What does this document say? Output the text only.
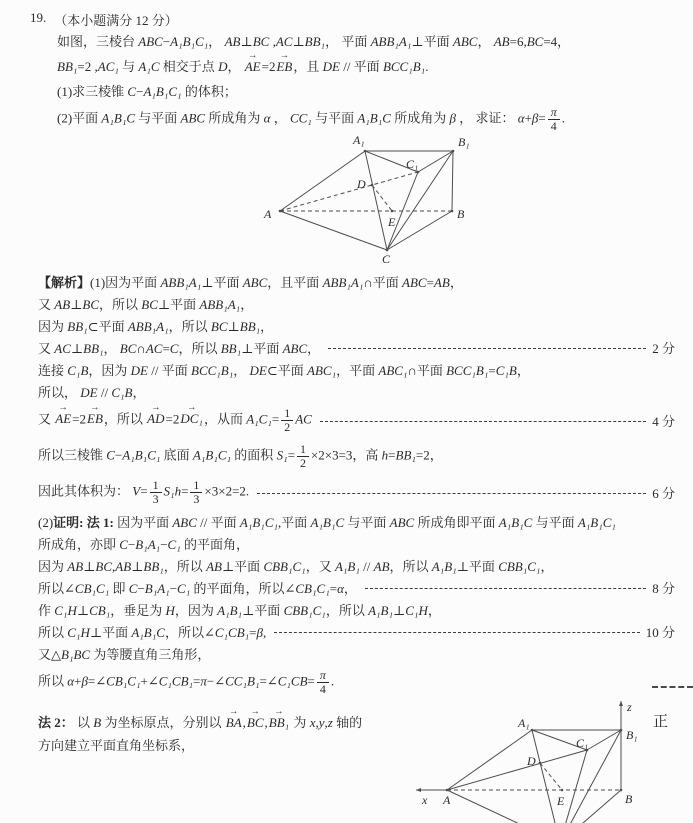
19. （本小题满分 12 分）
如图，三棱台 ABC−A₁B₁C₁， AB⊥BC ,AC⊥BB₁， 平面 ABB₁A₁⊥平面 ABC， AB=6,BC=4，
BB₁=2 ,AC₁ 与 A₁C 相交于点 D， → AE=2→ EB，且 DE // 平面 BCC₁B₁.
(1)求三棱锥 C−A₁B₁C₁ 的体积；
(2)平面 A₁B₁C 与平面 ABC 所成角为 α ， CC₁ 与平面 A₁B₁C 所成角为 β ， 求证： $\alpha+\beta= \frac{\pi}{4}$ .
A₁	B₁
C₁
D
A	B
E
C
【解析】(1)因为平面 ABB₁A₁⊥平面 ABC，且平面 ABB₁A₁∩平面 ABC=AB，
又 AB⊥BC，所以 BC⊥平面 ABB₁A₁，
因为 BB₁⊂平面 ABB₁A₁，所以 BC⊥BB₁，
又 AC⊥BB₁， BC∩AC=C，所以 BB₁⊥平面 ABC，	2 分
连接 C₁B，因为 DE // 平面 BCC₁B₁， DE⊂平面 ABC₁，平面 ABC₁∩平面 BCC₁B₁=C₁B，
所以， DE // C₁B，
又 → AE=2→ EB，所以 → AD=2→ DC₁，从而 $A_1C_1= \frac{1}{2}$ AC	4 分
所以三棱锥 C−A₁B₁C₁ 底面 A₁B₁C₁ 的面积 $S_1= \frac{1}{2} \times 2\times 3=3$，高 h=BB₁=2，
因此其体积为： $V= \frac{1}{3} S_1h= \frac{1}{3} \times 3\times 2=2$.	6 分
(2)证明: 法 1: 因为平面 ABC // 平面 A₁B₁C₁,平面 A₁B₁C 与平面 ABC 所成角即平面 A₁B₁C 与平面 A₁B₁C₁
所成角，亦即 C−B₁A₁−C₁ 的平面角，
因为 AB⊥BC,AB⊥BB₁，所以 AB⊥平面 CBB₁C₁，又 A₁B₁ // AB，所以 A₁B₁⊥平面 CBB₁C₁，
所以∠CB₁C₁ 即 C−B₁A₁−C₁ 的平面角，所以∠CB₁C₁=α，	8 分
作 C₁H⊥CB₁，垂足为 H，因为 A₁B₁⊥平面 CBB₁C₁，所以 A₁B₁⊥C₁H，
所以 C₁H⊥平面 A₁B₁C，所以∠C₁CB₁=β,	10 分
又△B₁BC 为等腰直角三角形，
所以 α+β=∠CB₁C₁+∠C₁CB₁=π−∠CC₁B₁=∠C₁CB= $\frac{\pi}{4}$ .
法 2： 以 B 为坐标原点，分别以 → BA,→ BC,→ BB₁ 为 x,y,z 轴的
方向建立平面直角坐标系，
A₁
B₁
C₁
D
z
x A	E	B
正
